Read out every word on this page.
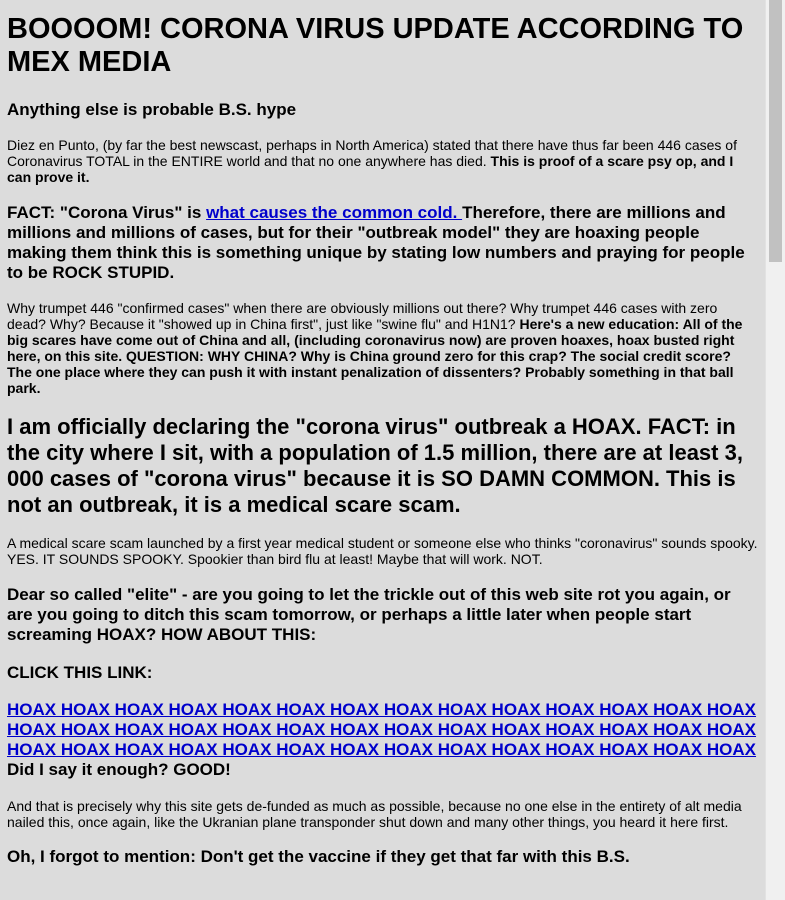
BOOOOM! CORONA VIRUS UPDATE ACCORDING TO MEX MEDIA

Anything else is probable B.S. hype

Diez en Punto, (by far the best newscast, perhaps in North America) stated that there have thus far been 446 cases of Coronavirus TOTAL in the ENTIRE world and that no one anywhere has died. This is proof of a scare psy op, and I can prove it.

FACT: "Corona Virus" is what causes the common cold. Therefore, there are millions and millions and millions of cases, but for their "outbreak model" they are hoaxing people making them think this is something unique by stating low numbers and praying for people to be ROCK STUPID.

Why trumpet 446 "confirmed cases" when there are obviously millions out there? Why trumpet 446 cases with zero dead? Why? Because it "showed up in China first", just like "swine flu" and H1N1? Here's a new education: All of the big scares have come out of China and all, (including coronavirus now) are proven hoaxes, hoax busted right here, on this site. QUESTION: WHY CHINA? Why is China ground zero for this crap? The social credit score? The one place where they can push it with instant penalization of dissenters? Probably something in that ball park.

I am officially declaring the "corona virus" outbreak a HOAX. FACT: in the city where I sit, with a population of 1.5 million, there are at least 3, 000 cases of "corona virus" because it is SO DAMN COMMON. This is not an outbreak, it is a medical scare scam.

A medical scare scam launched by a first year medical student or someone else who thinks "coronavirus" sounds spooky. YES. IT SOUNDS SPOOKY. Spookier than bird flu at least! Maybe that will work. NOT.

Dear so called "elite" - are you going to let the trickle out of this web site rot you again, or are you going to ditch this scam tomorrow, or perhaps a little later when people start screaming HOAX? HOW ABOUT THIS:

CLICK THIS LINK:

HOAX HOAX HOAX HOAX HOAX HOAX HOAX HOAX HOAX HOAX HOAX HOAX HOAX HOAX HOAX HOAX HOAX HOAX HOAX HOAX HOAX HOAX HOAX HOAX HOAX HOAX HOAX HOAX HOAX HOAX HOAX HOAX HOAX HOAX HOAX HOAX HOAX HOAX HOAX HOAX HOAX HOAX Did I say it enough? GOOD!

And that is precisely why this site gets de-funded as much as possible, because no one else in the entirety of alt media nailed this, once again, like the Ukranian plane transponder shut down and many other things, you heard it here first.

Oh, I forgot to mention: Don't get the vaccine if they get that far with this B.S.
